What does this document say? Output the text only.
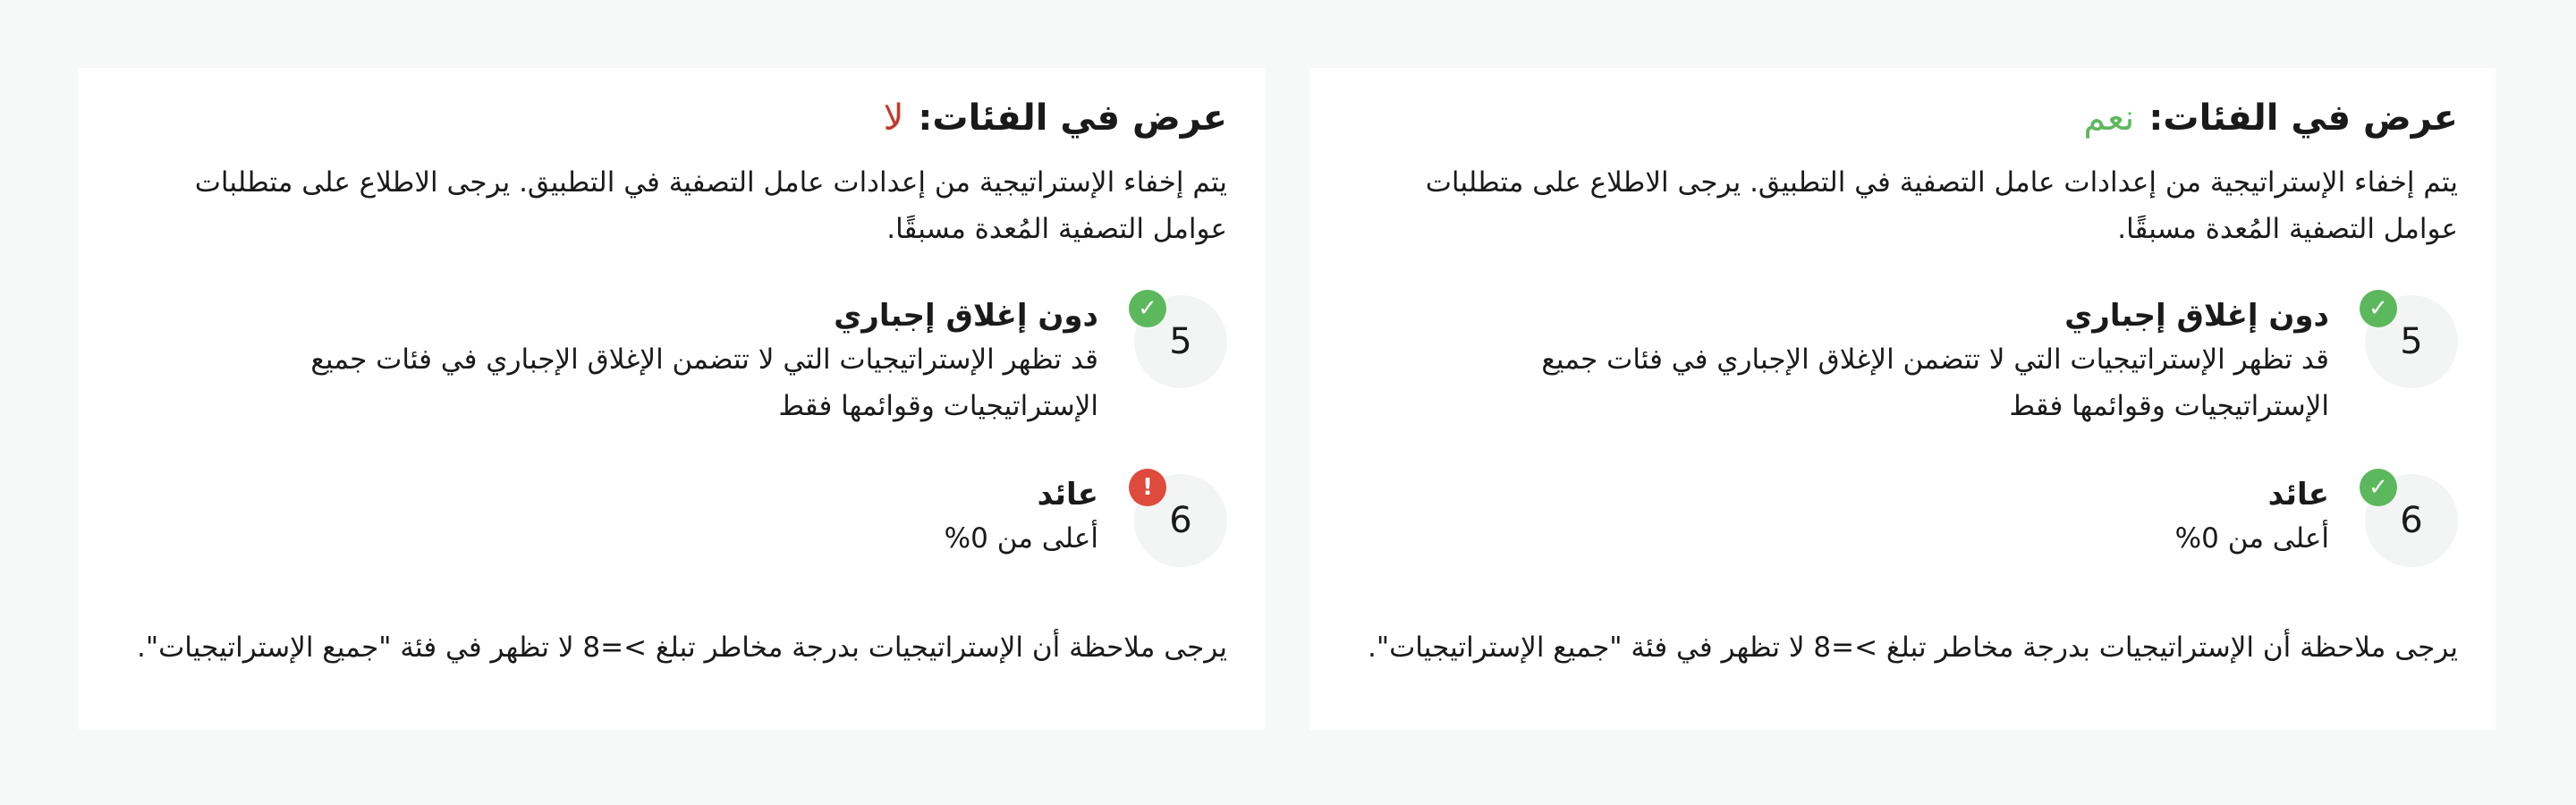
عرض في الفئات:
لا

يتم إخفاء الإستراتيجية من إعدادات عامل التصفية في التطبيق. يرجى الاطلاع على متطلبات عوامل التصفية المُعدة مسبقًا.

5
✓
دون إغلاق إجباري
قد تظهر الإستراتيجيات التي لا تتضمن الإغلاق الإجباري في فئات جميع الإستراتيجيات وقوائمها فقط
6
!
عائد
أعلى من 0%

يرجى ملاحظة أن الإستراتيجيات بدرجة مخاطر تبلغ >=8 لا تظهر في فئة "جميع الإستراتيجيات".

عرض في الفئات:
نعم

يتم إخفاء الإستراتيجية من إعدادات عامل التصفية في التطبيق. يرجى الاطلاع على متطلبات عوامل التصفية المُعدة مسبقًا.

5
✓
دون إغلاق إجباري
قد تظهر الإستراتيجيات التي لا تتضمن الإغلاق الإجباري في فئات جميع الإستراتيجيات وقوائمها فقط
6
✓
عائد
أعلى من 0%

يرجى ملاحظة أن الإستراتيجيات بدرجة مخاطر تبلغ >=8 لا تظهر في فئة "جميع الإستراتيجيات".
